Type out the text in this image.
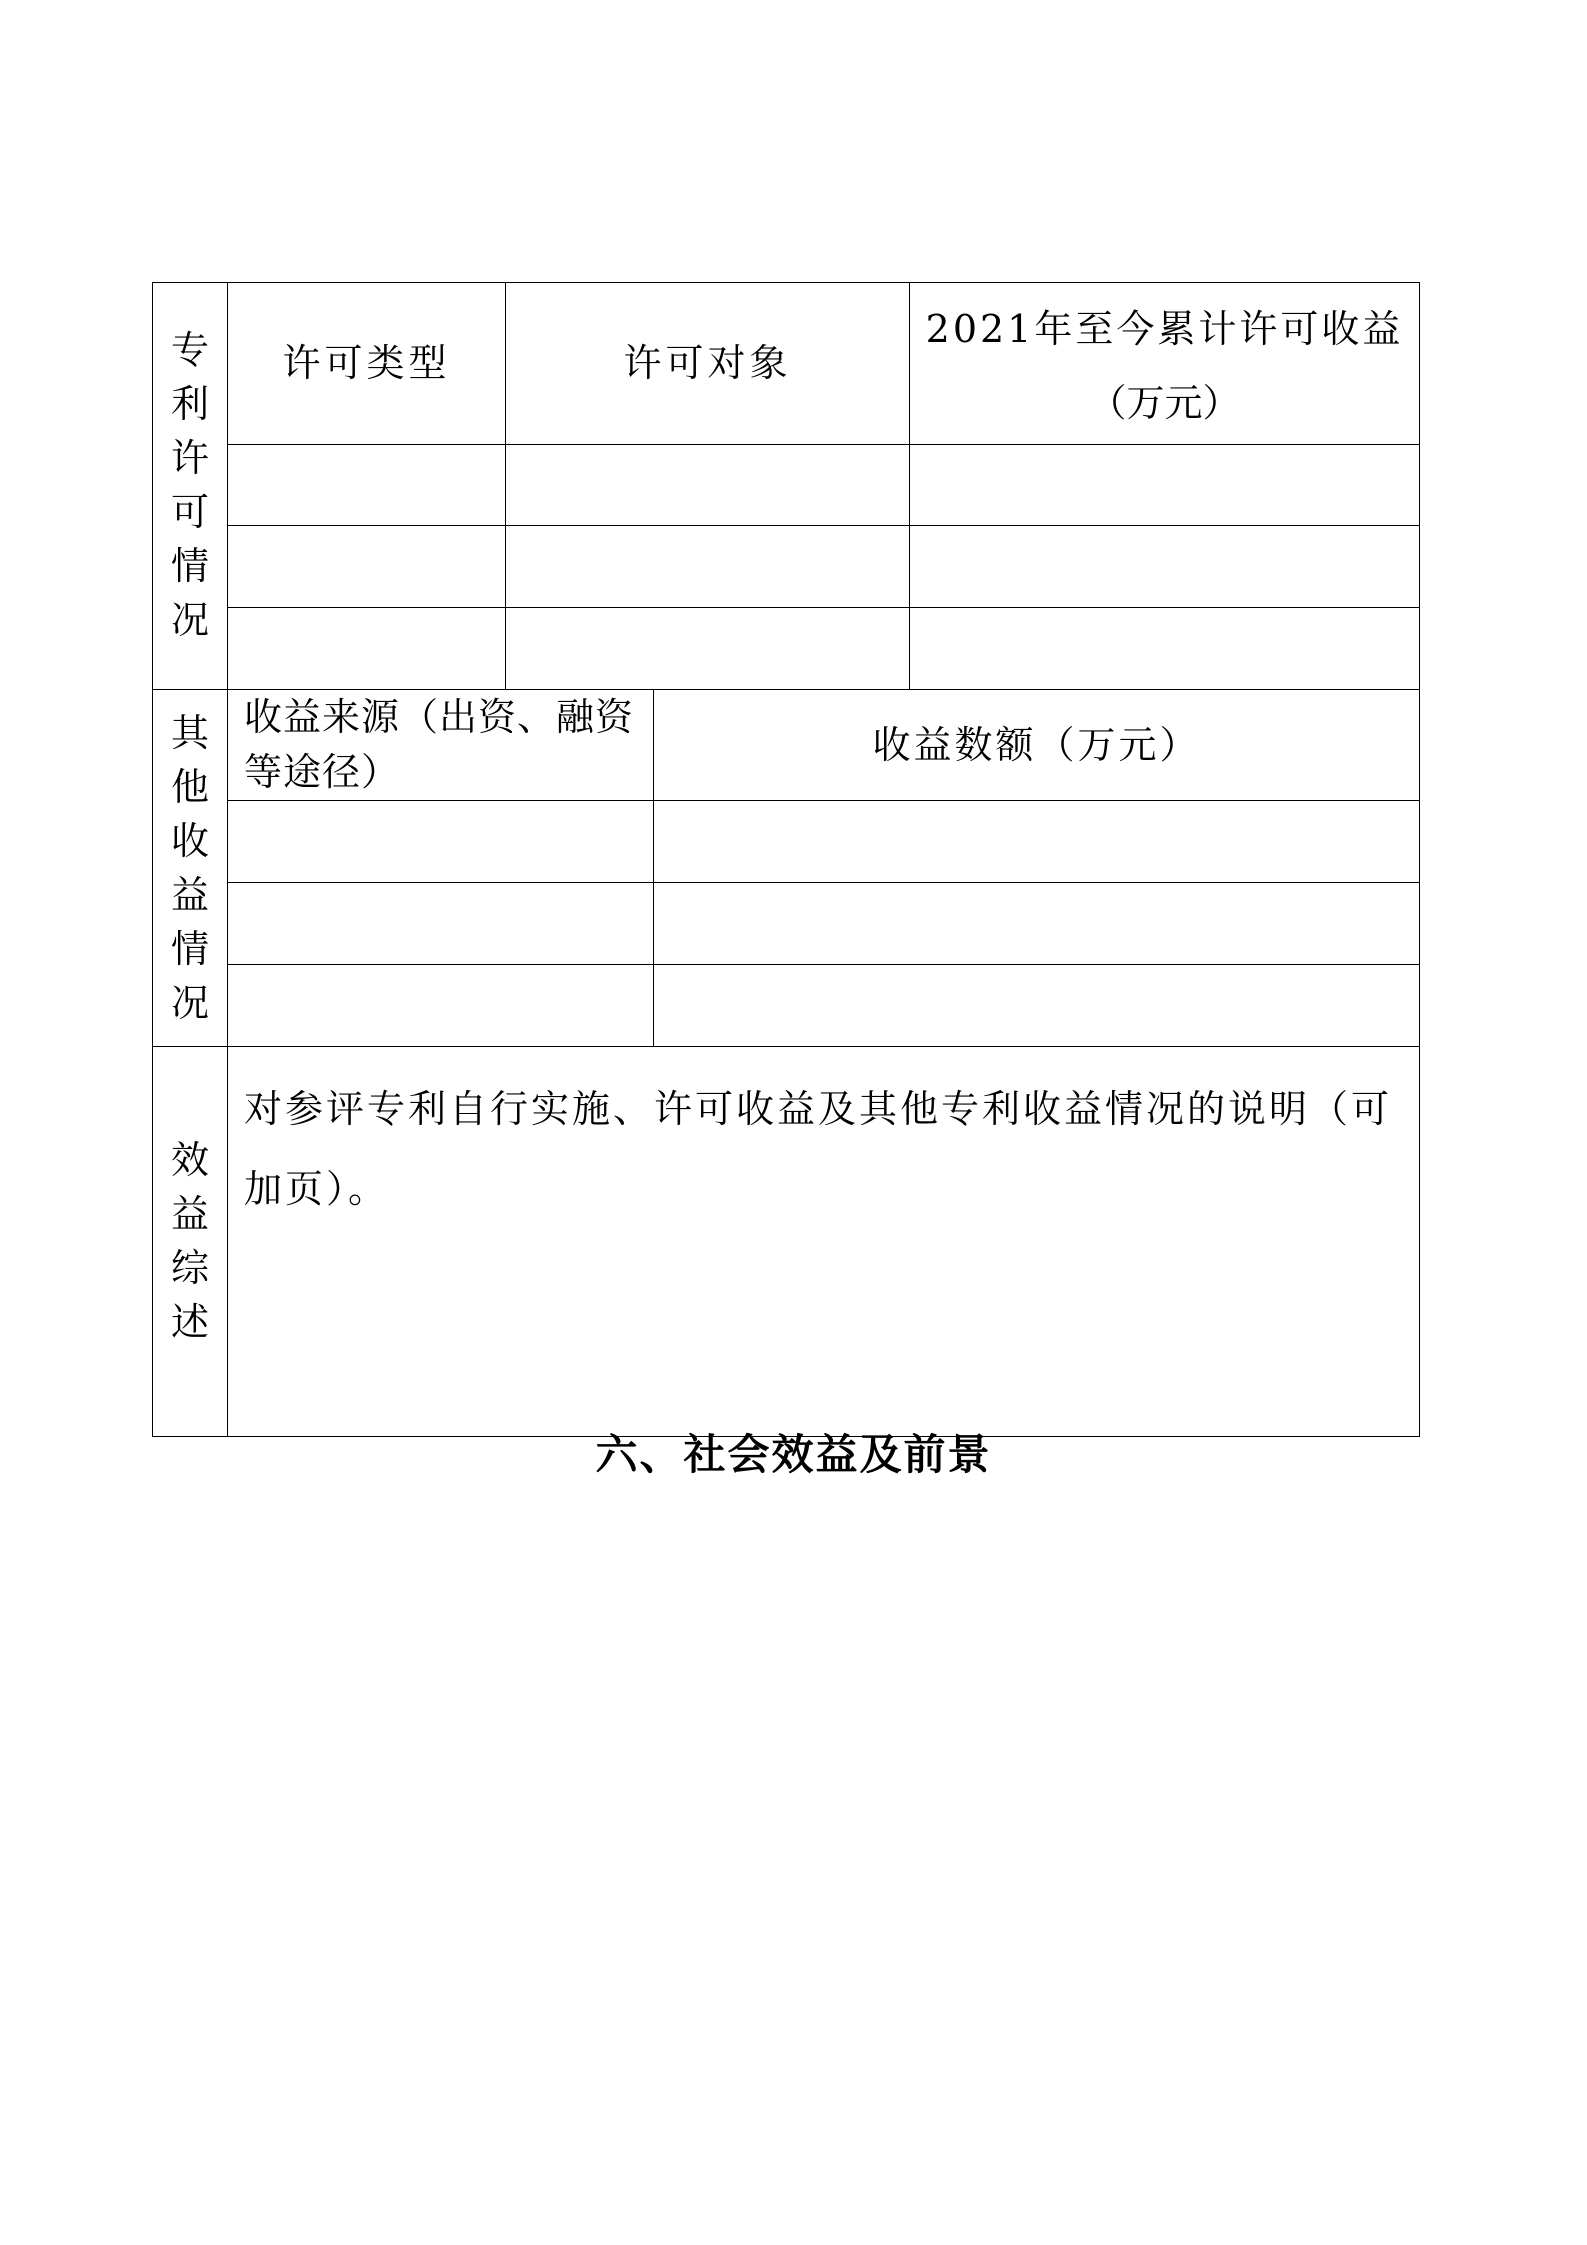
专利许可情况	许可类型	许可对象		2021年至今累计许可收益
（万元）

其他收益情况	收益来源（出资、融资等途径）		收益数额（万元）	

效益综述	对参评专利自行实施、许可收益及其他专利收益情况的说明（可加页）。			
六、社会效益及前景
